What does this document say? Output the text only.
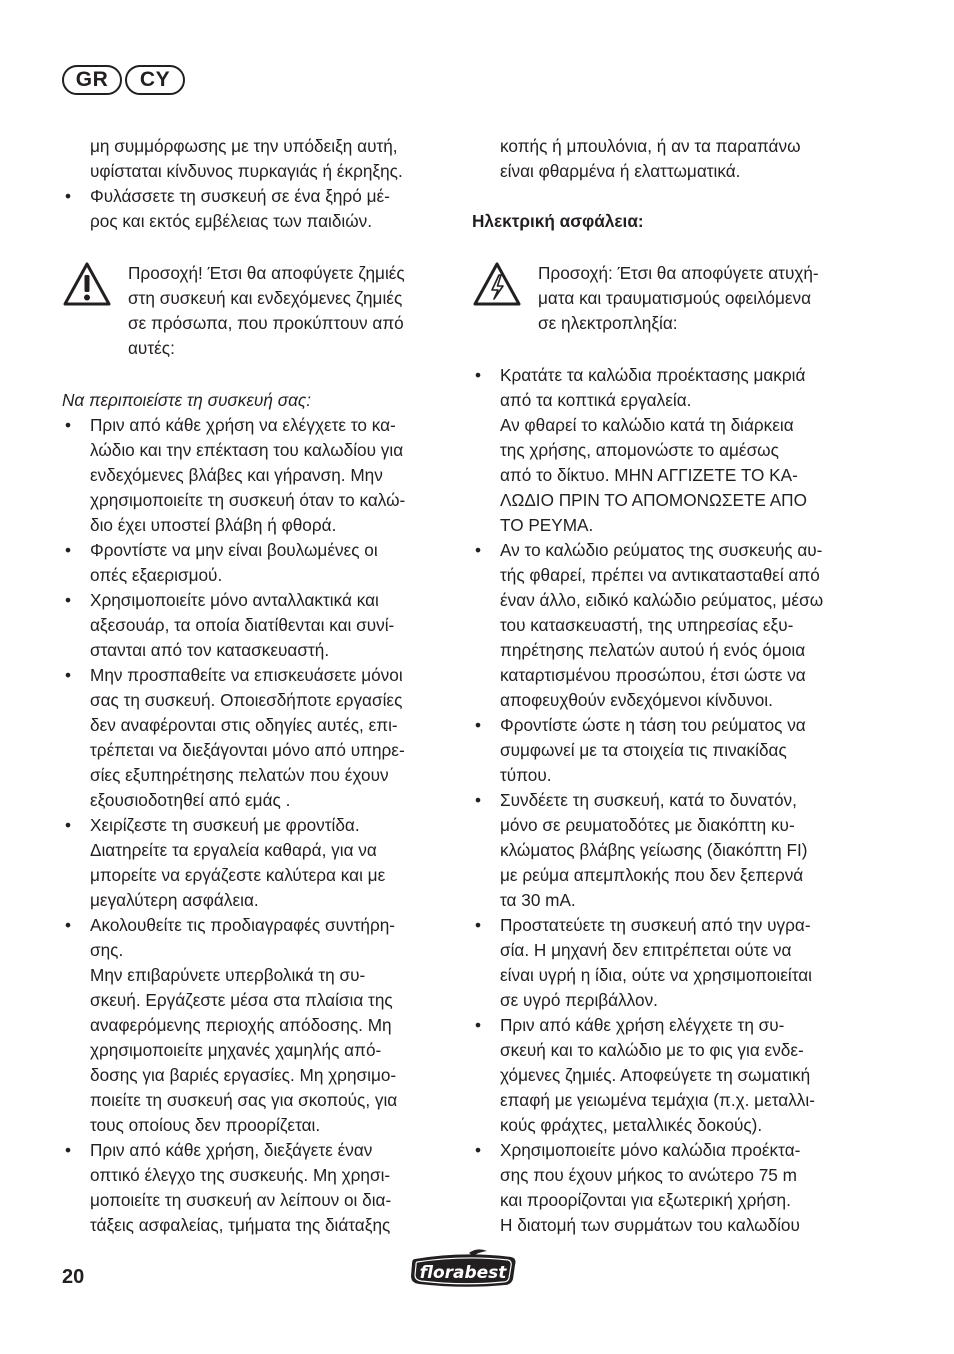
GR	CY

μη συμμόρφωσης με την υπόδειξη αυτή,
υφίσταται κίνδυνος πυρκαγιάς ή έκρηξης.

• Φυλάσσετε τη συσκευή σε ένα ξηρό μέ-
ρος και εκτός εμβέλειας των παιδιών.
Προσοχή! Έτσι θα αποφύγετε ζημιές
στη συσκευή και ενδεχόμενες ζημιές
σε πρόσωπα, που προκύπτουν από
αυτές:

Να περιποιείστε τη συσκευή σας:

• Πριν από κάθε χρήση να ελέγχετε το κα-
λώδιο και την επέκταση του καλωδίου για
ενδεχόμενες βλάβες και γήρανση. Μην
χρησιμοποιείτε τη συσκευή όταν το καλώ-
διο έχει υποστεί βλάβη ή φθορά.
• Φροντίστε να μην είναι βουλωμένες οι
οπές εξαερισμού.
• Χρησιμοποιείτε μόνο ανταλλακτικά και
αξεσουάρ, τα οποία διατίθενται και συνί-
στανται από τον κατασκευαστή.
• Μην προσπαθείτε να επισκευάσετε μόνοι
σας τη συσκευή. Οποιεσδήποτε εργασίες
δεν αναφέρονται στις οδηγίες αυτές, επι-
τρέπεται να διεξάγονται μόνο από υπηρε-
σίες εξυπηρέτησης πελατών που έχουν
εξουσιοδοτηθεί από εμάς .
• Χειρίζεστε τη συσκευή με φροντίδα.
Διατηρείτε τα εργαλεία καθαρά, για να
μπορείτε να εργάζεστε καλύτερα και με
μεγαλύτερη ασφάλεια.
• Ακολουθείτε τις προδιαγραφές συντήρη-
σης.
Μην επιβαρύνετε υπερβολικά τη συ-
σκευή. Εργάζεστε μέσα στα πλαίσια της
αναφερόμενης περιοχής απόδοσης. Μη
χρησιμοποιείτε μηχανές χαμηλής από-
δοσης για βαριές εργασίες. Μη χρησιμο-
ποιείτε τη συσκευή σας για σκοπούς, για
τους οποίους δεν προορίζεται.
• Πριν από κάθε χρήση, διεξάγετε έναν
οπτικό έλεγχο της συσκευής. Μη χρησι-
μοποιείτε τη συσκευή αν λείπουν οι δια-
τάξεις ασφαλείας, τμήματα της διάταξης

κοπής ή μπουλόνια, ή αν τα παραπάνω
είναι φθαρμένα ή ελαττωματικά.

Ηλεκτρική ασφάλεια:

Προσοχή: Έτσι θα αποφύγετε ατυχή-
ματα και τραυματισμούς οφειλόμενα
σε ηλεκτροπληξία:
• Κρατάτε τα καλώδια προέκτασης μακριά
από τα κοπτικά εργαλεία.
Αν φθαρεί το καλώδιο κατά τη διάρκεια
της χρήσης, απομονώστε το αμέσως
από το δίκτυο. ΜΗΝ ΑΓΓΙΖΕΤΕ ΤΟ ΚΑ-
ΛΩΔΙΟ ΠΡΙΝ ΤΟ ΑΠΟΜΟΝΩΣΕΤΕ ΑΠΟ
ΤΟ ΡΕΥΜΑ.
• Αν το καλώδιο ρεύματος της συσκευής αυ-
τής φθαρεί, πρέπει να αντικατασταθεί από
έναν άλλο, ειδικό καλώδιο ρεύματος, μέσω
του κατασκευαστή, της υπηρεσίας εξυ-
πηρέτησης πελατών αυτού ή ενός όμοια
καταρτισμένου προσώπου, έτσι ώστε να
αποφευχθούν ενδεχόμενοι κίνδυνοι.
• Φροντίστε ώστε η τάση του ρεύματος να
συμφωνεί με τα στοιχεία τις πινακίδας
τύπου.
• Συνδέετε τη συσκευή, κατά το δυνατόν,
μόνο σε ρευματοδότες με διακόπτη κυ-
κλώματος βλάβης γείωσης (διακόπτη FI)
με ρεύμα απεμπλοκής που δεν ξεπερνά
τα 30 mA.
• Προστατεύετε τη συσκευή από την υγρα-
σία. Η μηχανή δεν επιτρέπεται ούτε να
είναι υγρή η ίδια, ούτε να χρησιμοποιείται
σε υγρό περιβάλλον.
• Πριν από κάθε χρήση ελέγχετε τη συ-
σκευή και το καλώδιο με το φις για ενδε-
χόμενες ζημιές. Αποφεύγετε τη σωματική
επαφή με γειωμένα τεμάχια (π.χ. μεταλλι-
κούς φράχτες, μεταλλικές δοκούς).
• Χρησιμοποιείτε μόνο καλώδια προέκτα-
σης που έχουν μήκος το ανώτερο 75 m
και προορίζονται για εξωτερική χρήση.
Η διατομή των συρμάτων του καλωδίου
20	florabest
